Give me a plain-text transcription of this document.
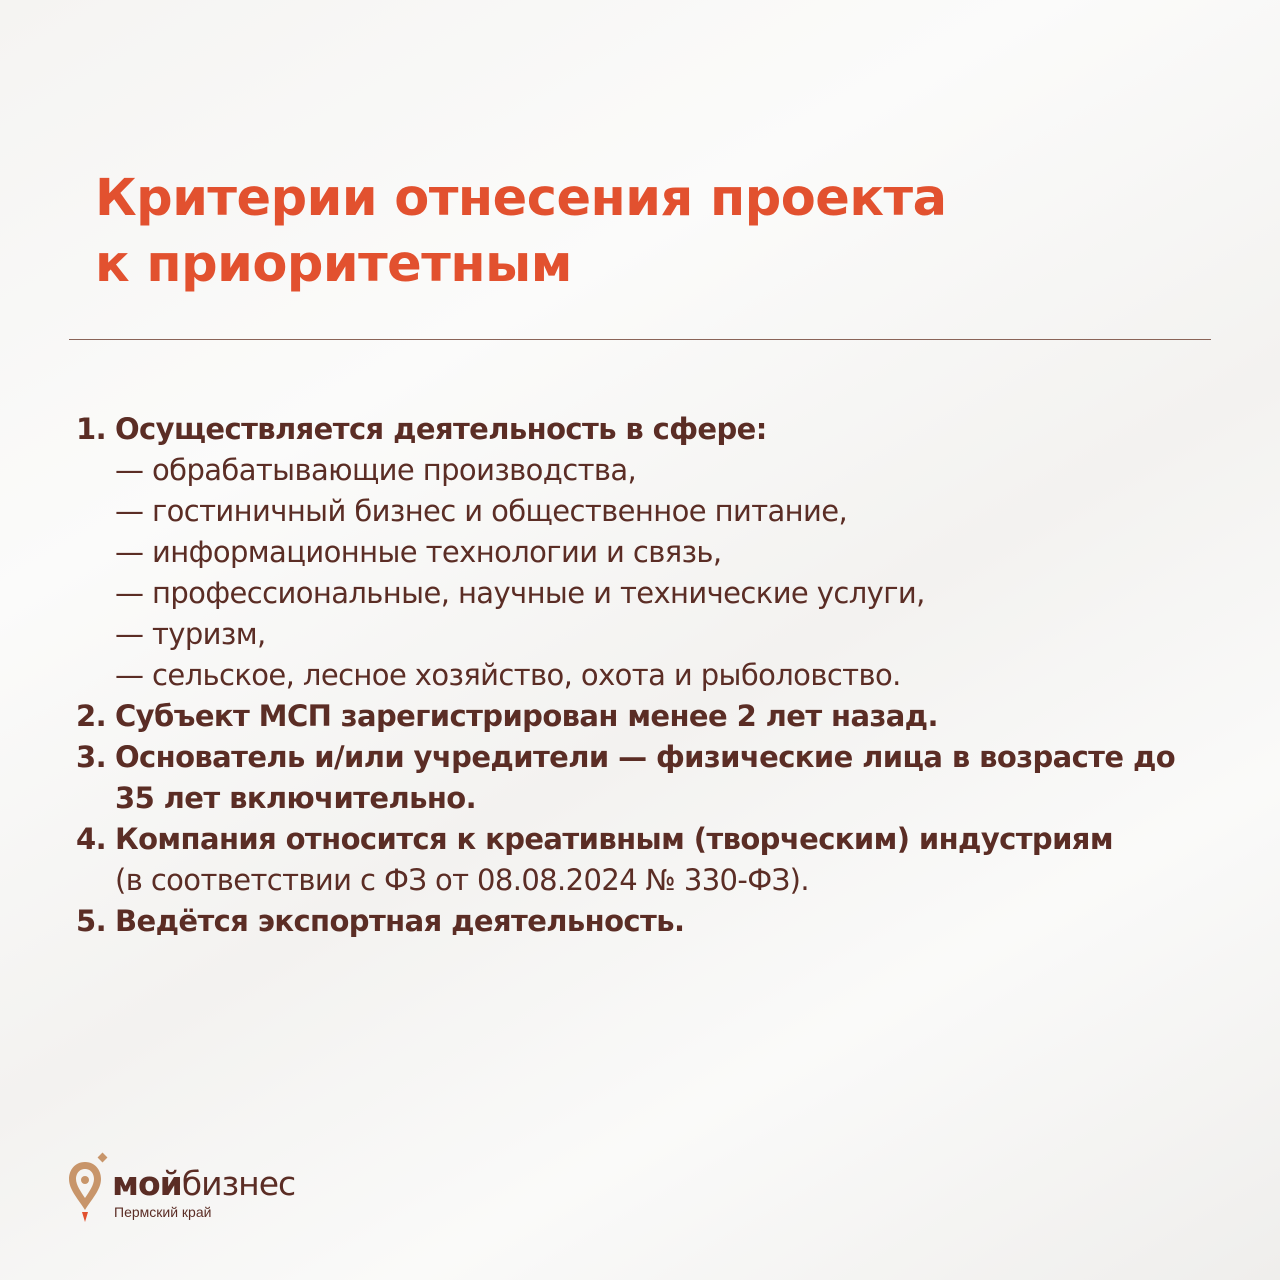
Критерии отнесения проекта
к приоритетным
1. Осуществляется деятельность в сфере:
— обрабатывающие производства,
— гостиничный бизнес и общественное питание,
— информационные технологии и связь,
— профессиональные, научные и технические услуги,
— туризм,
— сельское, лесное хозяйство, охота и рыболовство.
2. Субъект МСП зарегистрирован менее 2 лет назад.
3. Основатель и/или учредители — физические лица в возрасте до 35 лет включительно.
4. Компания относится к креативным (творческим) индустриям
(в соответствии с ФЗ от 08.08.2024 № 330-ФЗ).
5. Ведётся экспортная деятельность.
мойбизнес
Пермский край
